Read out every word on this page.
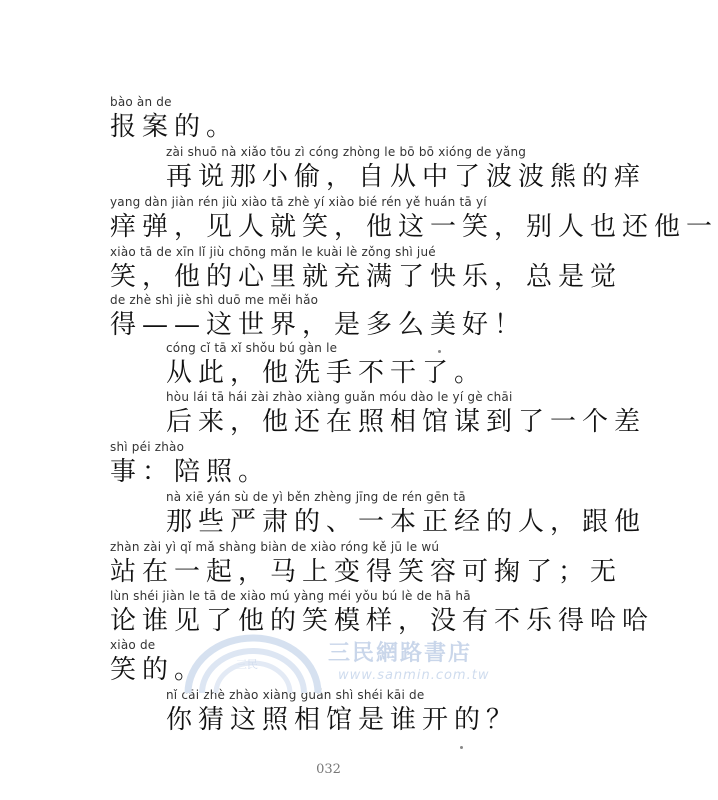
bào àn de
报案的。
zài shuō nà xiǎo tōu zì cóng zhòng le bō bō xióng de yǎng
再说那小偷，自从中了波波熊的痒
yang dàn jiàn rén jiù xiào tā zhè yí xiào bié rén yě huán tā yí
痒弹，见人就笑，他这一笑，别人也还他一
xiào tā de xīn lǐ jiù chōng mǎn le kuài lè zǒng shì jué
笑，他的心里就充满了快乐，总是觉
de zhè shì jiè shì duō me měi hǎo
得——这世界，是多么美好！
cóng cǐ tā xǐ shǒu bú gàn le
从此，他洗手不干了。
hòu lái tā hái zài zhào xiàng guǎn móu dào le yí gè chāi
后来，他还在照相馆谋到了一个差
shì péi zhào
事：陪照。
nà xiē yán sù de yì běn zhèng jīng de rén gēn tā
那些严肃的、一本正经的人，跟他
zhàn zài yì qǐ mǎ shàng biàn de xiào róng kě jū le wú
站在一起，马上变得笑容可掬了；无
lùn shéi jiàn le tā de xiào mú yàng méi yǒu bú lè de hā hā
论谁见了他的笑模样，没有不乐得哈哈
xiào de
笑的。
nǐ cāi zhè zhào xiàng guǎn shì shéi kāi de
你猜这照相馆是谁开的？
三民	三民網路書店
www.sanmin.com.tw
032
